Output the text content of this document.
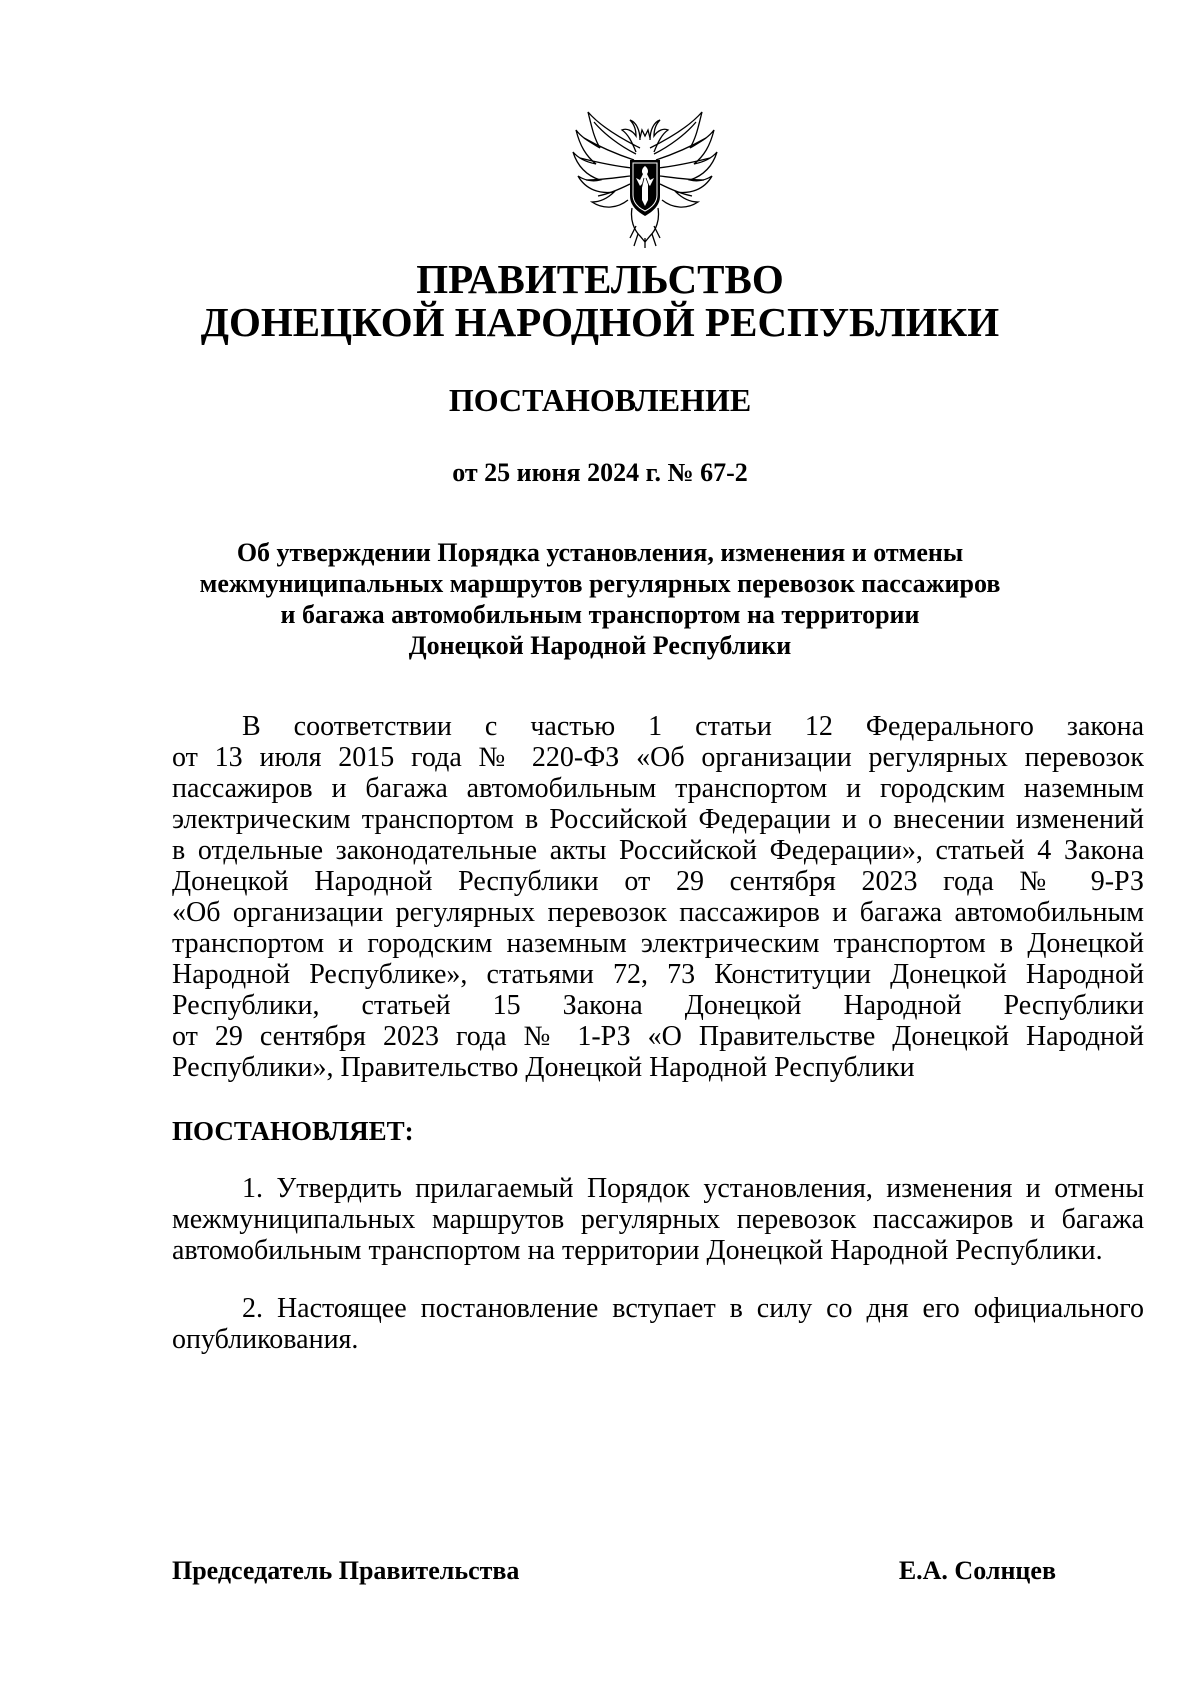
ПРАВИТЕЛЬСТВО
ДОНЕЦКОЙ НАРОДНОЙ РЕСПУБЛИКИ
ПОСТАНОВЛЕНИЕ
от 25 июня 2024 г. № 67-2
Об утверждении Порядка установления, изменения и отмены
межмуниципальных маршрутов регулярных перевозок пассажиров
и багажа автомобильным транспортом на территории
Донецкой Народной Республики
В соответствии с частью 1 статьи 12 Федерального закона
от 13 июля 2015 года № 220-ФЗ «Об организации регулярных перевозок
пассажиров и багажа автомобильным транспортом и городским наземным
электрическим транспортом в Российской Федерации и о внесении изменений
в отдельные законодательные акты Российской Федерации», статьей 4 Закона
Донецкой Народной Республики от 29 сентября 2023 года № 9-РЗ
«Об организации регулярных перевозок пассажиров и багажа автомобильным
транспортом и городским наземным электрическим транспортом в Донецкой
Народной Республике», статьями 72, 73 Конституции Донецкой Народной
Республики, статьей 15 Закона Донецкой Народной Республики
от 29 сентября 2023 года № 1-РЗ «О Правительстве Донецкой Народной
Республики», Правительство Донецкой Народной Республики
ПОСТАНОВЛЯЕТ:
1. Утвердить прилагаемый Порядок установления, изменения и отмены
межмуниципальных маршрутов регулярных перевозок пассажиров и багажа
автомобильным транспортом на территории Донецкой Народной Республики.
2. Настоящее постановление вступает в силу со дня его официального
опубликования.
Председатель Правительства	Е.А. Солнцев
